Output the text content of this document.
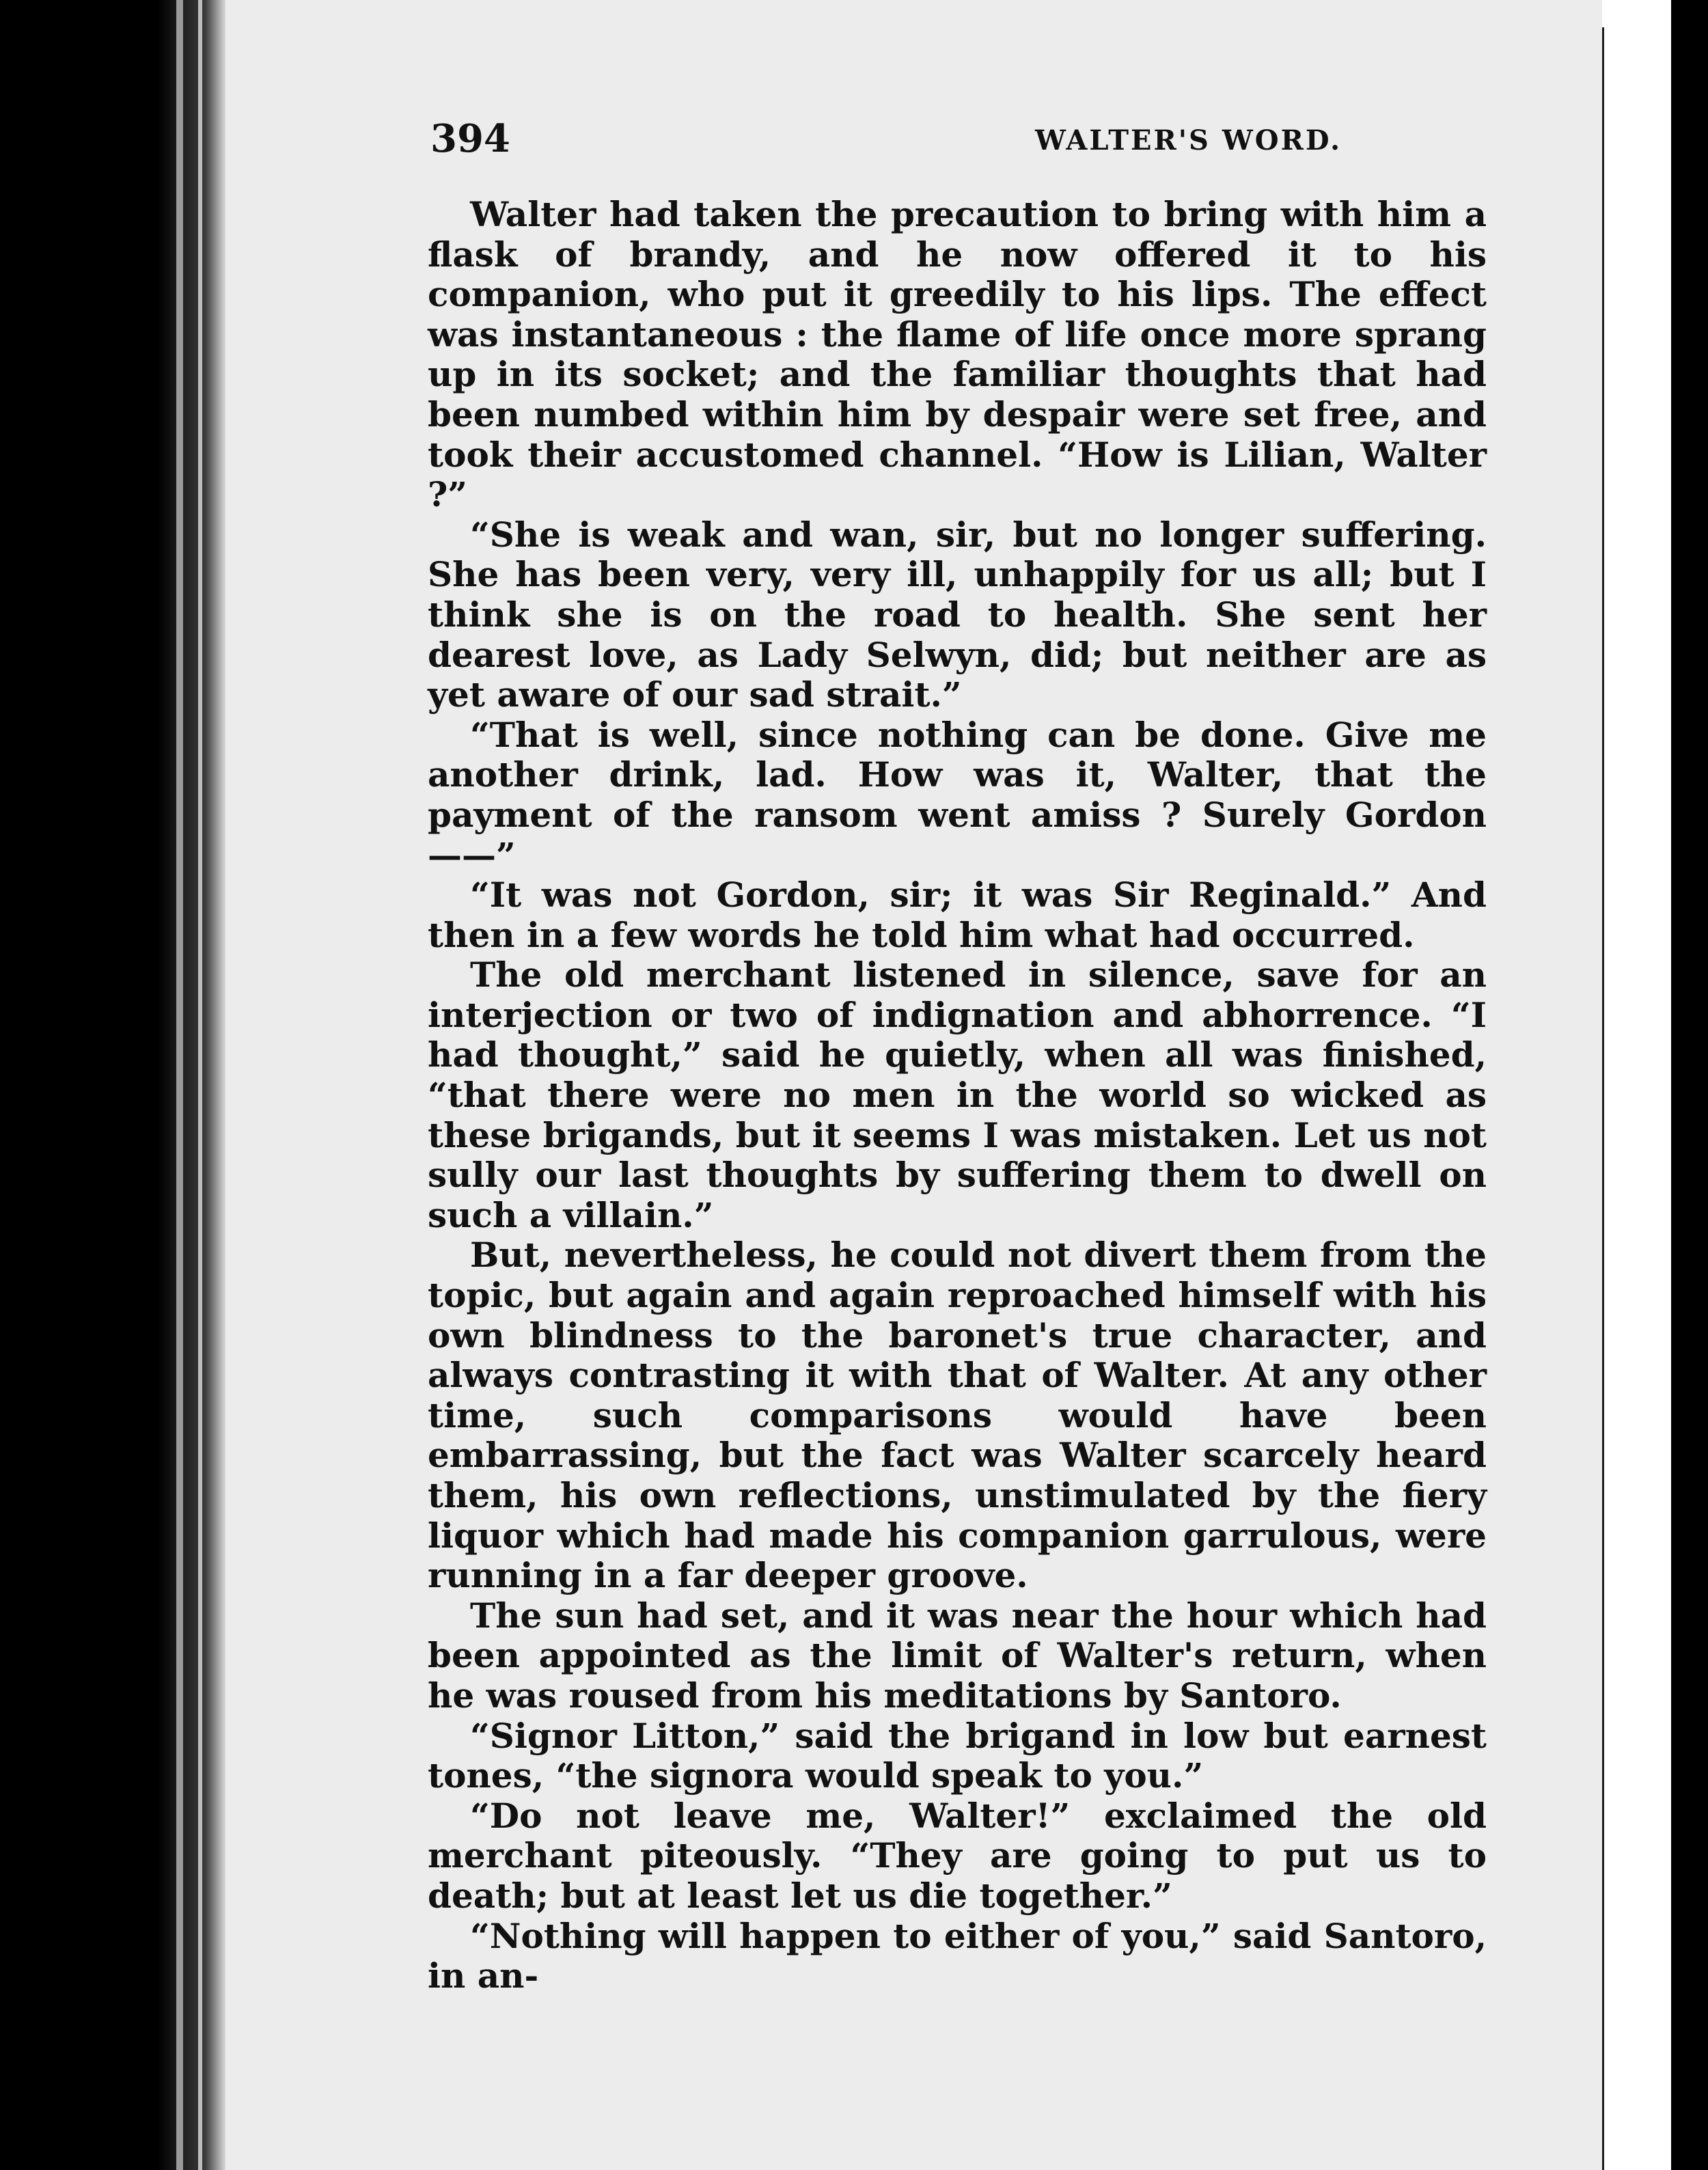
394	WALTER'S WORD.

Walter had taken the precaution to bring with him a flask of brandy, and he now offered it to his companion, who put it greedily to his lips. The effect was instantaneous : the flame of life once more sprang up in its socket; and the familiar thoughts that had been numbed within him by despair were set free, and took their accustomed channel. “How is Lilian, Walter ?”

“She is weak and wan, sir, but no longer suffering. She has been very, very ill, unhappily for us all; but I think she is on the road to health. She sent her dearest love, as Lady Selwyn, did; but neither are as yet aware of our sad strait.”

“That is well, since nothing can be done. Give me another drink, lad. How was it, Walter, that the payment of the ransom went amiss ? Surely Gordon ——”

“It was not Gordon, sir; it was Sir Reginald.” And then in a few words he told him what had occurred.

The old merchant listened in silence, save for an interjection or two of indignation and abhorrence. “I had thought,” said he quietly, when all was finished, “that there were no men in the world so wicked as these brigands, but it seems I was mistaken. Let us not sully our last thoughts by suffering them to dwell on such a villain.”

But, nevertheless, he could not divert them from the topic, but again and again reproached himself with his own blindness to the baronet's true character, and always contrasting it with that of Walter. At any other time, such comparisons would have been embarrassing, but the fact was Walter scarcely heard them, his own reflections, unstimulated by the fiery liquor which had made his companion garrulous, were running in a far deeper groove.

The sun had set, and it was near the hour which had been appointed as the limit of Walter's return, when he was roused from his meditations by Santoro.

“Signor Litton,” said the brigand in low but earnest tones, “the signora would speak to you.”

“Do not leave me, Walter!” exclaimed the old merchant piteously. “They are going to put us to death; but at least let us die together.”

“Nothing will happen to either of you,” said Santoro, in an-
